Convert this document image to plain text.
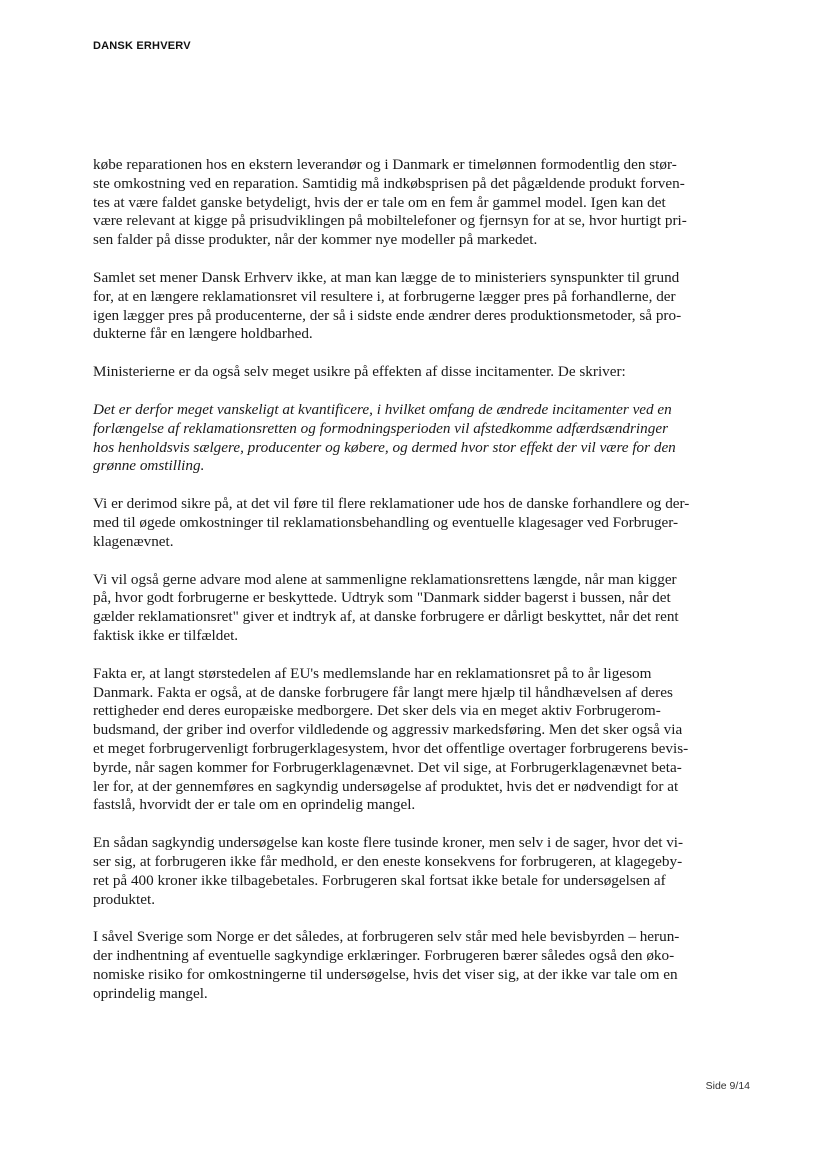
DANSK ERHVERV

købe reparationen hos en ekstern leverandør og i Danmark er timelønnen formodentlig den stør-
ste omkostning ved en reparation. Samtidig må indkøbsprisen på det pågældende produkt forven-
tes at være faldet ganske betydeligt, hvis der er tale om en fem år gammel model. Igen kan det
være relevant at kigge på prisudviklingen på mobiltelefoner og fjernsyn for at se, hvor hurtigt pri-
sen falder på disse produkter, når der kommer nye modeller på markedet.

Samlet set mener Dansk Erhverv ikke, at man kan lægge de to ministeriers synspunkter til grund
for, at en længere reklamationsret vil resultere i, at forbrugerne lægger pres på forhandlerne, der
igen lægger pres på producenterne, der så i sidste ende ændrer deres produktionsmetoder, så pro-
dukterne får en længere holdbarhed.

Ministerierne er da også selv meget usikre på effekten af disse incitamenter. De skriver:

Det er derfor meget vanskeligt at kvantificere, i hvilket omfang de ændrede incitamenter ved en
forlængelse af reklamationsretten og formodningsperioden vil afstedkomme adfærdsændringer
hos henholdsvis sælgere, producenter og købere, og dermed hvor stor effekt der vil være for den
grønne omstilling.

Vi er derimod sikre på, at det vil føre til flere reklamationer ude hos de danske forhandlere og der-
med til øgede omkostninger til reklamationsbehandling og eventuelle klagesager ved Forbruger-
klagenævnet.

Vi vil også gerne advare mod alene at sammenligne reklamationsrettens længde, når man kigger
på, hvor godt forbrugerne er beskyttede. Udtryk som "Danmark sidder bagerst i bussen, når det
gælder reklamationsret" giver et indtryk af, at danske forbrugere er dårligt beskyttet, når det rent
faktisk ikke er tilfældet.

Fakta er, at langt størstedelen af EU's medlemslande har en reklamationsret på to år ligesom
Danmark. Fakta er også, at de danske forbrugere får langt mere hjælp til håndhævelsen af deres
rettigheder end deres europæiske medborgere. Det sker dels via en meget aktiv Forbrugerom-
budsmand, der griber ind overfor vildledende og aggressiv markedsføring. Men det sker også via
et meget forbrugervenligt forbrugerklagesystem, hvor det offentlige overtager forbrugerens bevis-
byrde, når sagen kommer for Forbrugerklagenævnet. Det vil sige, at Forbrugerklagenævnet beta-
ler for, at der gennemføres en sagkyndig undersøgelse af produktet, hvis det er nødvendigt for at
fastslå, hvorvidt der er tale om en oprindelig mangel.

En sådan sagkyndig undersøgelse kan koste flere tusinde kroner, men selv i de sager, hvor det vi-
ser sig, at forbrugeren ikke får medhold, er den eneste konsekvens for forbrugeren, at klagegeby-
ret på 400 kroner ikke tilbagebetales. Forbrugeren skal fortsat ikke betale for undersøgelsen af
produktet.

I såvel Sverige som Norge er det således, at forbrugeren selv står med hele bevisbyrden – herun-
der indhentning af eventuelle sagkyndige erklæringer. Forbrugeren bærer således også den øko-
nomiske risiko for omkostningerne til undersøgelse, hvis det viser sig, at der ikke var tale om en
oprindelig mangel.

Side 9/14
